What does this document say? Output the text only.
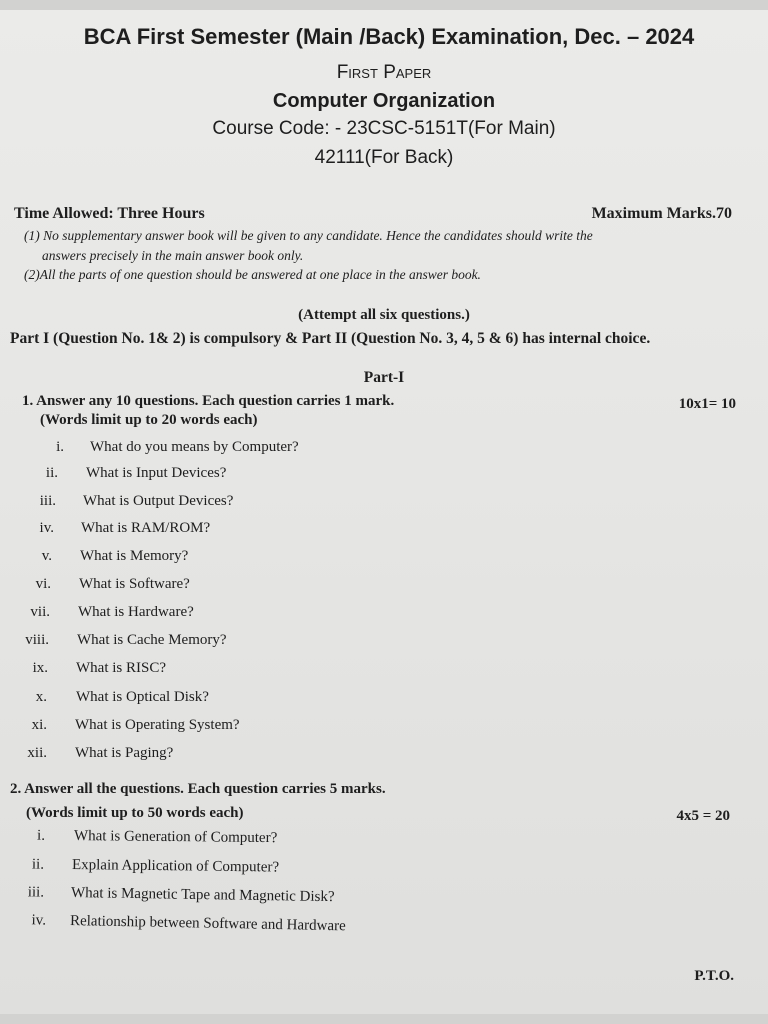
BCA First Semester (Main /Back) Examination, Dec. – 2024
First Paper
Computer Organization
Course Code: - 23CSC-5151T(For Main)
42111(For Back)
Time Allowed: Three Hours	Maximum Marks.70
(1) No supplementary answer book will be given to any candidate. Hence the candidates should write the
answers precisely in the main answer book only.
(2)All the parts of one question should be answered at one place in the answer book.
(Attempt all six questions.)
Part I (Question No. 1& 2) is compulsory & Part II (Question No. 3, 4, 5 & 6) has internal choice.
Part-I
1. Answer any 10 questions. Each question carries 1 mark.
(Words limit up to 20 words each)
10x1= 10
i. What do you means by Computer?
ii. What is Input Devices?
iii. What is Output Devices?
iv. What is RAM/ROM?
v. What is Memory?
vi. What is Software?
vii. What is Hardware?
viii. What is Cache Memory?
ix. What is RISC?
x. What is Optical Disk?
xi. What is Operating System?
xii. What is Paging?
2. Answer all the questions. Each question carries 5 marks.
(Words limit up to 50 words each)	4x5 = 20
i. What is Generation of Computer?
ii. Explain Application of Computer?
iii. What is Magnetic Tape and Magnetic Disk?
iv. Relationship between Software and Hardware
P.T.O.
